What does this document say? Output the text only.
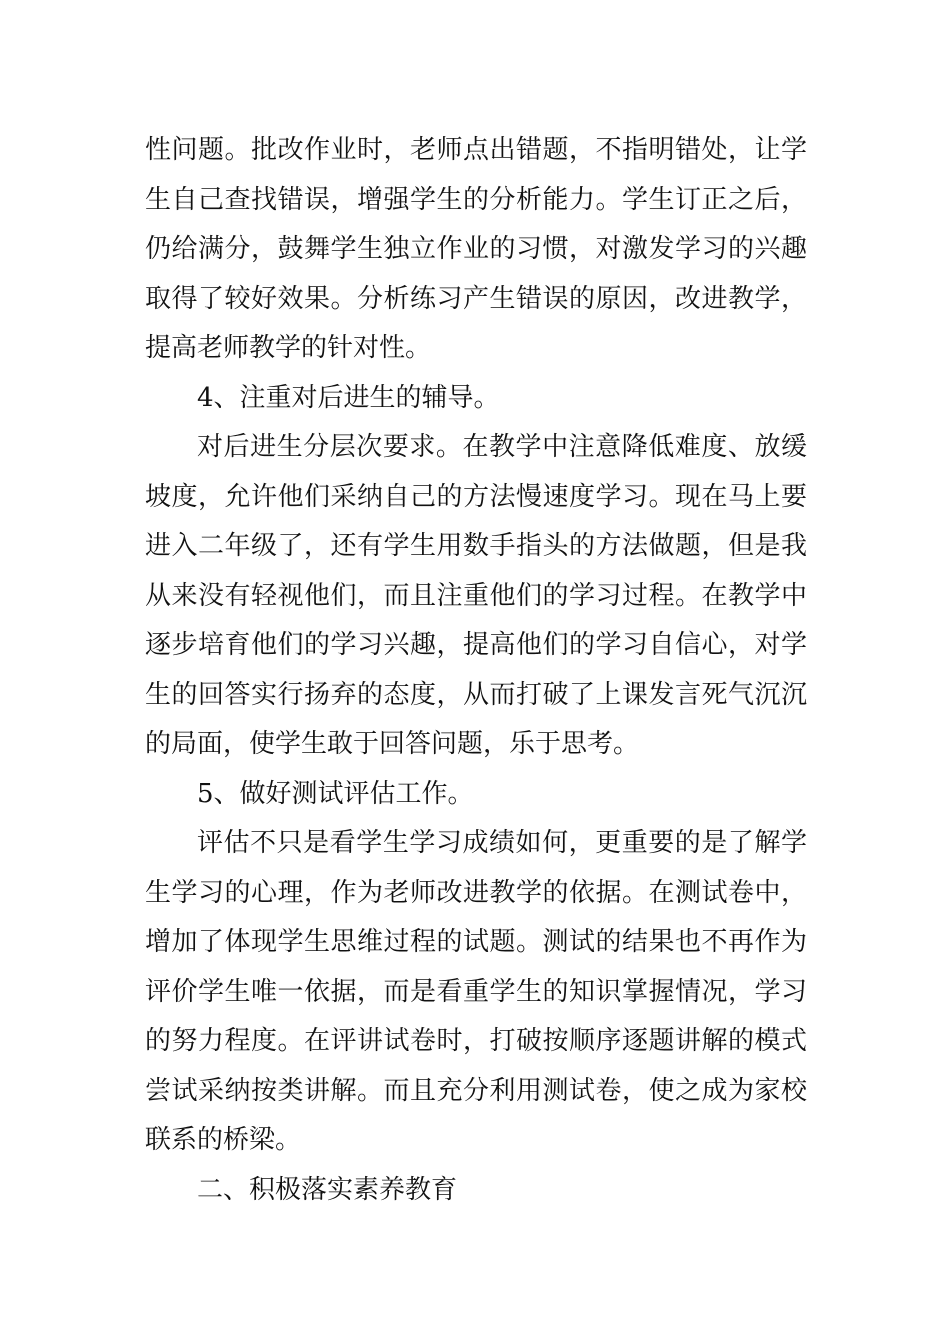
性问题。批改作业时，老师点出错题，不指明错处，让学
生自己查找错误，增强学生的分析能力。学生订正之后，
仍给满分，鼓舞学生独立作业的习惯，对激发学习的兴趣
取得了较好效果。分析练习产生错误的原因，改进教学，
提高老师教学的针对性。

4、注重对后进生的辅导。

对后进生分层次要求。在教学中注意降低难度、放缓
坡度，允许他们采纳自己的方法慢速度学习。现在马上要
进入二年级了，还有学生用数手指头的方法做题，但是我
从来没有轻视他们，而且注重他们的学习过程。在教学中
逐步培育他们的学习兴趣，提高他们的学习自信心，对学
生的回答实行扬弃的态度，从而打破了上课发言死气沉沉
的局面，使学生敢于回答问题，乐于思考。

5、做好测试评估工作。

评估不只是看学生学习成绩如何，更重要的是了解学
生学习的心理，作为老师改进教学的依据。在测试卷中，
增加了体现学生思维过程的试题。测试的结果也不再作为
评价学生唯一依据，而是看重学生的知识掌握情况，学习
的努力程度。在评讲试卷时，打破按顺序逐题讲解的模式
尝试采纳按类讲解。而且充分利用测试卷，使之成为家校
联系的桥梁。

二、积极落实素养教育
